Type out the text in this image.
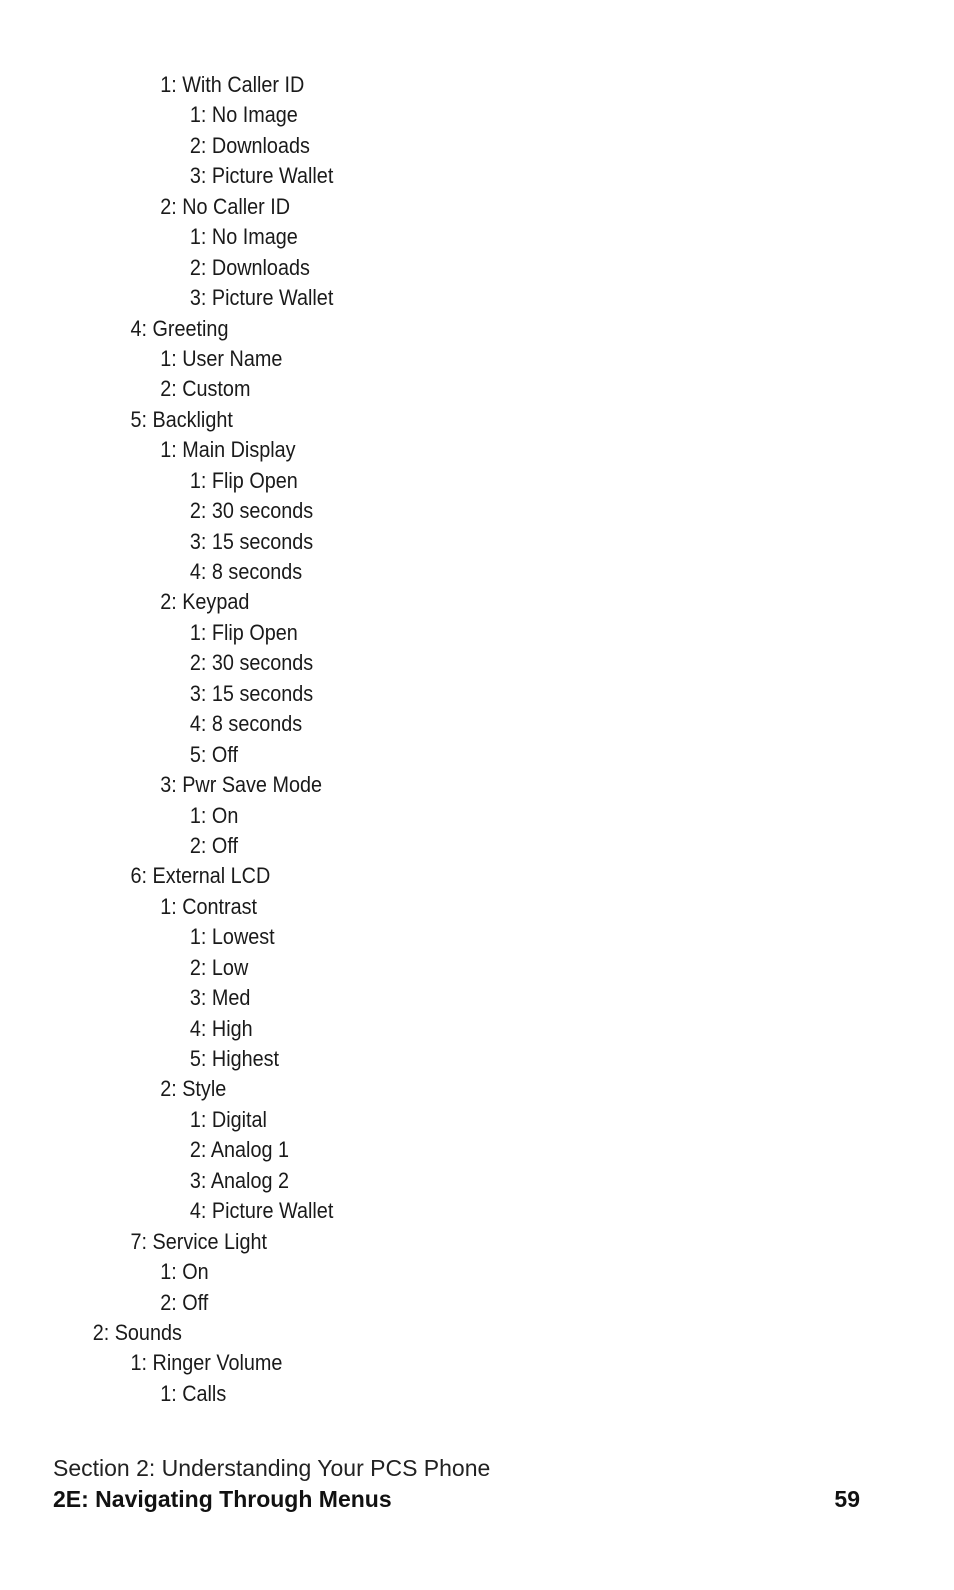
1: With Caller ID
1: No Image
2: Downloads
3: Picture Wallet
2: No Caller ID
1: No Image
2: Downloads
3: Picture Wallet
4: Greeting
1: User Name
2: Custom
5: Backlight
1: Main Display
1: Flip Open
2: 30 seconds
3: 15 seconds
4: 8 seconds
2: Keypad
1: Flip Open
2: 30 seconds
3: 15 seconds
4: 8 seconds
5: Off
3: Pwr Save Mode
1: On
2: Off
6: External LCD
1: Contrast
1: Lowest
2: Low
3: Med
4: High
5: Highest
2: Style
1: Digital
2: Analog 1
3: Analog 2
4: Picture Wallet
7: Service Light
1: On
2: Off
2: Sounds
1: Ringer Volume
1: Calls
Section 2: Understanding Your PCS Phone
2E: Navigating Through Menus	59
